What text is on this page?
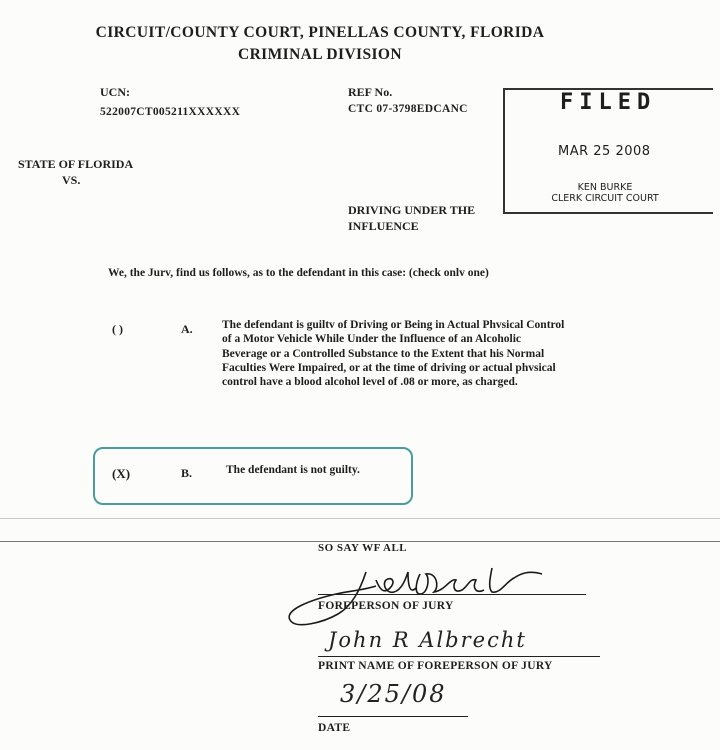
CIRCUIT/COUNTY COURT, PINELLAS COUNTY, FLORIDA
CRIMINAL DIVISION
UCN:
522007CT005211XXXXXX
REF No.
CTC 07-3798EDCANC	FILED
MAR 25 2008
KEN BURKE
CLERK CIRCUIT COURT
STATE OF FLORIDA
VS.
DRIVING UNDER THE
INFLUENCE
We, the Jurv, find us follows, as to the defendant in this case: (check onlv one)
( )	A.	The defendant is guiltv of Driving or Being in Actual Phvsical Control of a Motor Vehicle While Under the Influence of an Alcoholic Beverage or a Controlled Substance to the Extent that his Normal Faculties Were Impaired, or at the time of driving or actual phvsical control have a blood alcohol level of .08 or more, as charged.
(X)	B.	The defendant is not guilty.
SO SAY WF ALL
FOREPERSON OF JURY
John R Albrecht
PRINT NAME OF FOREPERSON OF JURY
3/25/08
DATE
